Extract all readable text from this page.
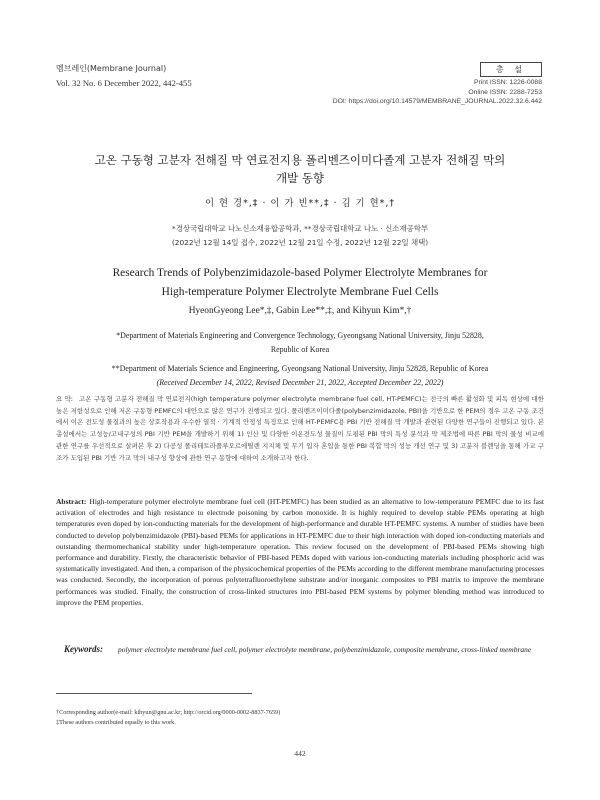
멤브레인(Membrane Journal)
Vol. 32 No. 6 December 2022, 442-455
총 설
Print ISSN: 1226-0088
Online ISSN: 2288-7253
DOI: https://doi.org/10.14579/MEMBRANE_JOURNAL.2022.32.6.442
고온 구동형 고분자 전해질 막 연료전지용 폴리벤즈이미다졸계 고분자 전해질 막의
개발 동향
이 현 경*,‡ · 이 가 빈**,‡ · 김 기 현*,†
*경상국립대학교 나노신소재융합공학과, **경상국립대학교 나노 · 신소재공학부
(2022년 12월 14일 접수, 2022년 12월 21일 수정, 2022년 12월 22일 채택)
Research Trends of Polybenzimidazole-based Polymer Electrolyte Membranes for
High-temperature Polymer Electrolyte Membrane Fuel Cells
HyeonGyeong Lee*,‡, Gabin Lee**,‡, and Kihyun Kim*,†
*Department of Materials Engineering and Convergence Technology, Gyeongsang National University, Jinju 52828,
Republic of Korea
**Department of Materials Science and Engineering, Gyeongsang National University, Jinju 52828, Republic of Korea
(Received December 14, 2022, Revised December 21, 2022, Accepted December 22, 2022)
요 약: 고온 구동형 고분자 전해질 막 연료전지(high temperature polymer electrolyte membrane fuel cell, HT-PEMFC)는 전극의 빠른 활성화 및 피독 현상에 대한 높은 저항성으로 인해 저온 구동형 PEMFC의 대안으로 많은 연구가 진행되고 있다. 폴리벤즈이미다졸(polybenzimidazole, PBI)을 기반으로 한 PEM의 경우 고온 구동 조건에서 이온 전도성 물질과의 높은 상호작용과 우수한 열적 · 기계적 안정성 특징으로 인해 HT-PEMFC용 PBI 기반 전해질 막 개발과 관련된 다양한 연구들이 진행되고 있다. 본 총설에서는 고성능/고내구성의 PBI 기반 PEM을 개발하기 위해 1) 인산 및 다양한 이온전도성 물질이 도핑된 PBI 막의 특성 분석과 막 제조법에 따른 PBI 막의 물성 비교에 관한 연구를 우선적으로 살펴본 후 2) 다공성 폴리테트라플루오르에틸렌 지지체 및 무기 입자 혼입을 통한 PBI 복합 막의 성능 개선 연구 및 3) 고분자 블렌딩을 통해 가교 구조가 도입된 PBI 기반 가교 막의 내구성 향상에 관한 연구 동향에 대하여 소개하고자 한다.
Abstract: High-temperature polymer electrolyte membrane fuel cell (HT-PEMFC) has been studied as an alternative to low-temperature PEMFC due to its fast activation of electrodes and high resistance to electrode poisoning by carbon monoxide. It is highly required to develop stable PEMs operating at high temperatures even doped by ion-conducting materials for the development of high-performance and durable HT-PEMFC systems. A number of studies have been conducted to develop polybenzimidazole (PBI)-based PEMs for applications in HT-PEMFC due to their high interaction with doped ion-conducting materials and outstanding thermomechanical stability under high-temperature operation. This review focused on the development of PBI-based PEMs showing high performance and durability. Firstly, the characteristic behavior of PBI-based PEMs doped with various ion-conducting materials including phosphoric acid was systematically investigated. And then, a comparison of the physicochemical properties of the PEMs according to the different membrane manufacturing processes was conducted. Secondly, the incorporation of porous polytetrafluoroethylene substrate and/or inorganic composites to PBI matrix to improve the membrane performances was studied. Finally, the construction of cross-linked structures into PBI-based PEM systems by polymer blending method was introduced to improve the PEM properties.
Keywords:	polymer electrolyte membrane fuel cell, polymer electrolyte membrane, polybenzimidazole, composite membrane, cross-linked membrane
†Corresponding author(e-mail: kihyun@gnu.ac.kr; http://orcid.org/0000-0002-8837-7659)
‡These authors contributed equally to this work.
442
